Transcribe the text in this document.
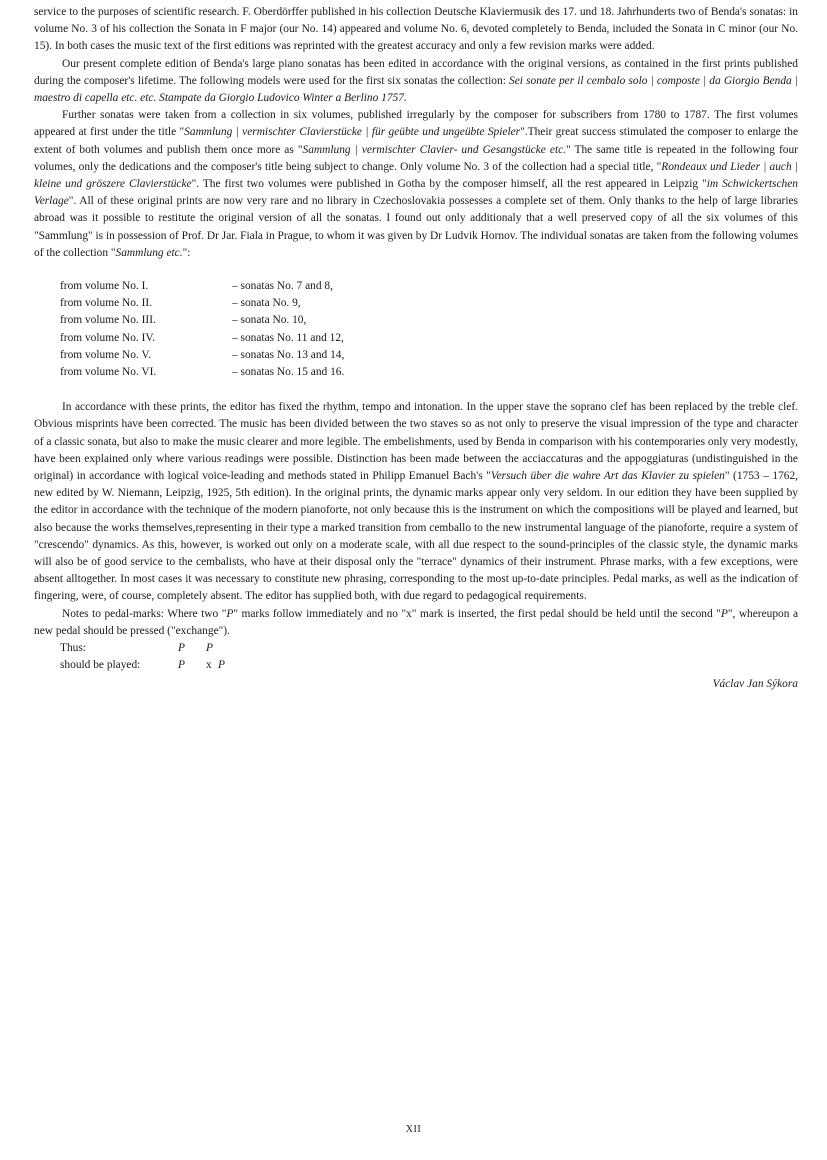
service to the purposes of scientific research. F. Oberdörffer published in his collection Deutsche Klaviermusik des 17. und 18. Jahrhunderts two of Benda's sonatas: in volume No. 3 of his collection the Sonata in F major (our No. 14) appeared and volume No. 6, devoted completely to Benda, included the Sonata in C minor (our No. 15). In both cases the music text of the first editions was reprinted with the greatest accuracy and only a few revision marks were added.

Our present complete edition of Benda's large piano sonatas has been edited in accordance with the original versions, as contained in the first prints published during the composer's lifetime. The following models were used for the first six sonatas the collection: Sei sonate per il cembalo solo | composte | da Giorgio Benda | maestro di capella etc. etc. Stampate da Giorgio Ludovico Winter a Berlino 1757.

Further sonatas were taken from a collection in six volumes, published irregularly by the composer for subscribers from 1780 to 1787. The first volumes appeared at first under the title "Sammlung | vermischter Clavierstücke | für geübte und ungeübte Spieler".Their great success stimulated the composer to enlarge the extent of both volumes and publish them once more as "Sammlung | vermischter Clavier- und Gesangstücke etc." The same title is repeated in the following four volumes, only the dedications and the composer's title being subject to change. Only volume No. 3 of the collection had a special title, "Rondeaux und Lieder | auch | kleine und gröszere Clavierstücke". The first two volumes were published in Gotha by the composer himself, all the rest appeared in Leipzig "im Schwickertschen Verlage". All of these original prints are now very rare and no library in Czechoslovakia possesses a complete set of them. Only thanks to the help of large libraries abroad was it possible to restitute the original version of all the sonatas. I found out only additionaly that a well preserved copy of all the six volumes of this "Sammlung" is in possession of Prof. Dr Jar. Fiala in Prague, to whom it was given by Dr Ludvik Hornov. The individual sonatas are taken from the following volumes of the collection "Sammlung etc.":

from volume No. I.	– sonatas No. 7 and 8,
from volume No. II.	– sonata No. 9,
from volume No. III.	– sonata No. 10,
from volume No. IV.	– sonatas No. 11 and 12,
from volume No. V.	– sonatas No. 13 and 14,
from volume No. VI.	– sonatas No. 15 and 16.

In accordance with these prints, the editor has fixed the rhythm, tempo and intonation. In the upper stave the soprano clef has been replaced by the treble clef. Obvious misprints have been corrected. The music has been divided between the two staves so as not only to preserve the visual impression of the type and character of a classic sonata, but also to make the music clearer and more legible. The embelishments, used by Benda in comparison with his contemporaries only very modestly, have been explained only where various readings were possible. Distinction has been made between the acciaccaturas and the appoggiaturas (undistinguished in the original) in accordance with logical voice-leading and methods stated in Philipp Emanuel Bach's "Versuch über die wahre Art das Klavier zu spielen" (1753 – 1762, new edited by W. Niemann, Leipzig, 1925, 5th edition). In the original prints, the dynamic marks appear only very seldom. In our edition they have been supplied by the editor in accordance with the technique of the modern pianoforte, not only because this is the instrument on which the compositions will be played and learned, but also because the works themselves,representing in their type a marked transition from cemballo to the new instrumental language of the pianoforte, require a system of "crescendo" dynamics. As this, however, is worked out only on a moderate scale, with all due respect to the sound-principles of the classic style, the dynamic marks will also be of good service to the cembalists, who have at their disposal only the "terrace" dynamics of their instrument. Phrase marks, with a few exceptions, were absent alltogether. In most cases it was necessary to constitute new phrasing, corresponding to the most up-to-date principles. Pedal marks, as well as the indication of fingering, were, of course, completely absent. The editor has supplied both, with due regard to pedagogical requirements.

Notes to pedal-marks: Where two "P" marks follow immediately and no "x" mark is inserted, the first pedal should be held until the second "P", whereupon a new pedal should be pressed ("exchange").

Thus:	P P
should be played:	P x P
Václav Jan Sýkora
XII
